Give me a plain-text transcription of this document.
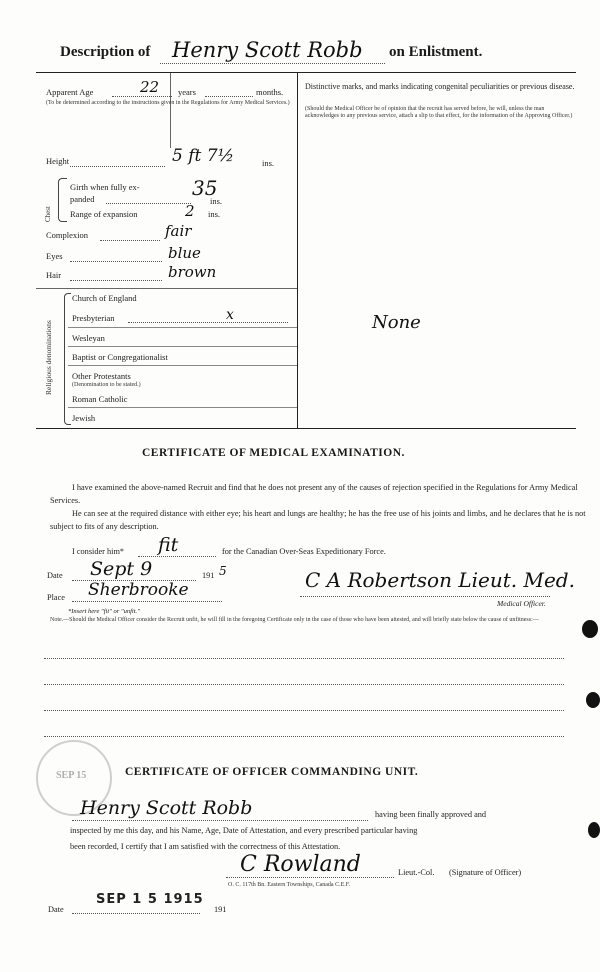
Description of Henry Scott Robb on Enlistment.
Apparent Age	22 years	months.
(To be determined according to the instructions given in the Regulations for Army Medical Services.)
Distinctive marks, and marks indicating congenital peculiarities or previous disease.
(Should the Medical Officer be of opinion that the recruit has served before, he will, unless the man acknowledges to any previous service, attach a slip to that effect, for the information of the Approving Officer.)
None
Height	5 ft 7½	ins.
Chest
Girth when fully ex-
panded	35
ins.
Range of expansion	2 ins.
Complexion	fair
Eyes	blue
Hair	brown
Religious denominations
Church of England
Presbyterian	x
Wesleyan
Baptist or Congregationalist
Other Protestants
(Denomination to be stated.)
Roman Catholic
Jewish
CERTIFICATE OF MEDICAL EXAMINATION.
I have examined the above-named Recruit and find that he does not present any of the causes of rejection specified in the Regulations for Army Medical Services.
He can see at the required distance with either eye; his heart and lungs are healthy; he has the free use of his joints and limbs, and he declares that he is not subject to fits of any description.
I consider him* fit	for the Canadian Over-Seas Expeditionary Force.
Date Sept 9	191 5
Place Sherbrooke	C A Robertson Lieut. Med.
Medical Officer.
*Insert here "fit" or "unfit."
Note.—Should the Medical Officer consider the Recruit unfit, he will fill in the foregoing Certificate only in the case of those who have been attested, and will briefly state below the cause of unfitness:—
SEP 15	CERTIFICATE OF OFFICER COMMANDING UNIT.
Henry Scott Robb	having been finally approved and
inspected by me this day, and his Name, Age, Date of Attestation, and every prescribed particular having
been recorded, I certify that I am satisfied with the correctness of this Attestation.
C Rowland	Lieut.-Col. (Signature of Officer)
O. C. 117th Bn. Eastern Townships, Canada C.E.F.
Date
SEP 1 5 1915
191
